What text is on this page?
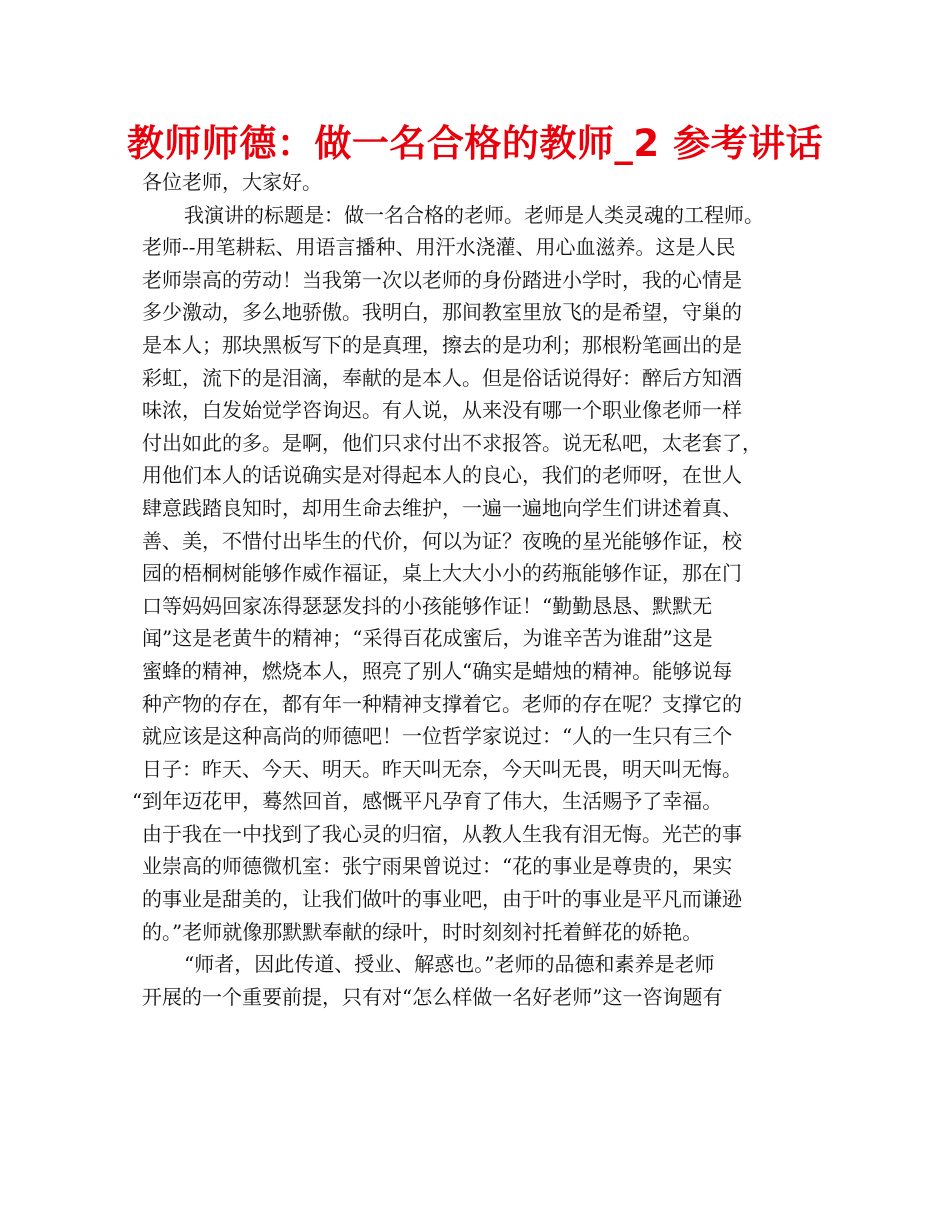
教师师德：做一名合格的教师_2 参考讲话
各位老师，大家好。
我演讲的标题是：做一名合格的老师。老师是人类灵魂的工程师。
老师--用笔耕耘、用语言播种、用汗水浇灌、用心血滋养。这是人民
老师崇高的劳动！当我第一次以老师的身份踏进小学时，我的心情是
多少激动，多么地骄傲。我明白，那间教室里放飞的是希望，守巢的
是本人；那块黑板写下的是真理，擦去的是功利；那根粉笔画出的是
彩虹，流下的是泪滴，奉献的是本人。但是俗话说得好：醉后方知酒
味浓，白发始觉学咨询迟。有人说，从来没有哪一个职业像老师一样
付出如此的多。是啊，他们只求付出不求报答。说无私吧，太老套了，
用他们本人的话说确实是对得起本人的良心，我们的老师呀，在世人
肆意践踏良知时，却用生命去维护，一遍一遍地向学生们讲述着真、
善、美，不惜付出毕生的代价，何以为证？夜晚的星光能够作证，校
园的梧桐树能够作威作福证，桌上大大小小的药瓶能够作证，那在门
口等妈妈回家冻得瑟瑟发抖的小孩能够作证！“勤勤恳恳、默默无
闻”这是老黄牛的精神；“采得百花成蜜后，为谁辛苦为谁甜”这是
蜜蜂的精神，燃烧本人，照亮了别人“确实是蜡烛的精神。能够说每
种产物的存在，都有年一种精神支撑着它。老师的存在呢？支撑它的
就应该是这种高尚的师德吧！一位哲学家说过：“人的一生只有三个
日子：昨天、今天、明天。昨天叫无奈，今天叫无畏，明天叫无悔。
“到年迈花甲，蓦然回首，感慨平凡孕育了伟大，生活赐予了幸福。
由于我在一中找到了我心灵的归宿，从教人生我有泪无悔。光芒的事
业崇高的师德微机室：张宁雨果曾说过：“花的事业是尊贵的，果实
的事业是甜美的，让我们做叶的事业吧，由于叶的事业是平凡而谦逊
的。”老师就像那默默奉献的绿叶，时时刻刻衬托着鲜花的娇艳。
“师者，因此传道、授业、解惑也。”老师的品德和素养是老师
开展的一个重要前提，只有对“怎么样做一名好老师”这一咨询题有
